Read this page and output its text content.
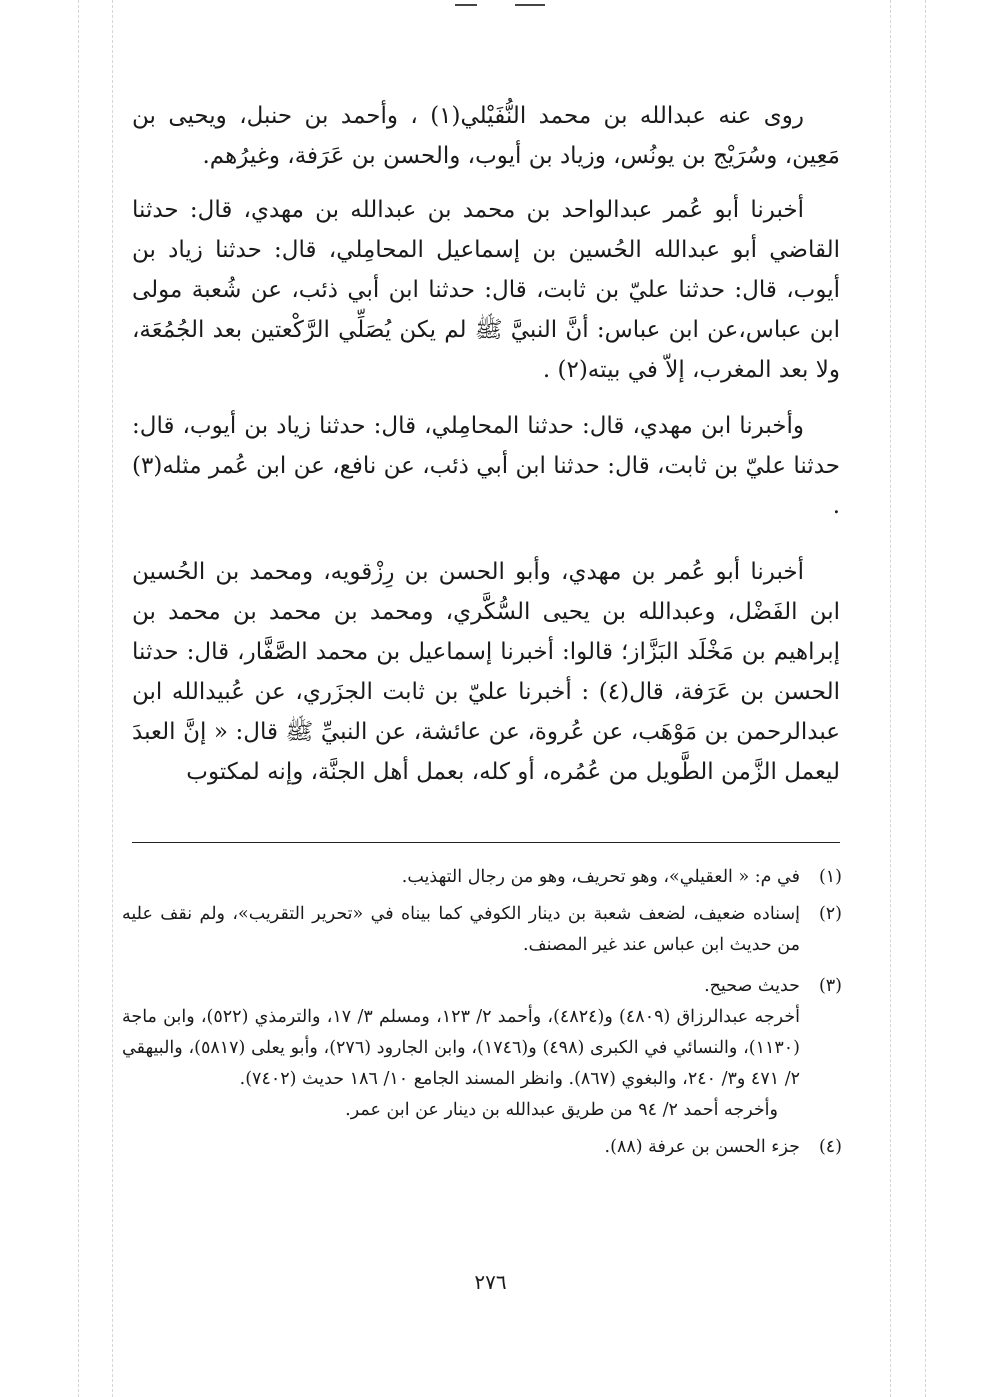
روى عنه عبدالله بن محمد النُّفَيْلي(١) ، وأحمد بن حنبل، ويحيى بن مَعِين، وسُرَيْج بن يونُس، وزياد بن أيوب، والحسن بن عَرَفة، وغيرُهم.

أخبرنا أبو عُمر عبدالواحد بن محمد بن عبدالله بن مهدي، قال: حدثنا القاضي أبو عبدالله الحُسين بن إسماعيل المحامِلي، قال: حدثنا زياد بن أيوب، قال: حدثنا عليّ بن ثابت، قال: حدثنا ابن أبي ذئب، عن شُعبة مولى ابن عباس،عن ابن عباس: أنَّ النبيَّ ﷺ لم يكن يُصَلِّي الرَّكْعتين بعد الجُمُعَة، ولا بعد المغرب، إلاّ في بيته(٢) .

وأخبرنا ابن مهدي، قال: حدثنا المحامِلي، قال: حدثنا زياد بن أيوب، قال: حدثنا عليّ بن ثابت، قال: حدثنا ابن أبي ذئب، عن نافع، عن ابن عُمر مثله(٣) .

أخبرنا أبو عُمر بن مهدي، وأبو الحسن بن رِزْقويه، ومحمد بن الحُسين ابن الفَضْل، وعبدالله بن يحيى السُّكَّري، ومحمد بن محمد بن محمد بن إبراهيم بن مَخْلَد البَزَّاز؛ قالوا: أخبرنا إسماعيل بن محمد الصَّفَّار، قال: حدثنا الحسن بن عَرَفة، قال(٤) : أخبرنا عليّ بن ثابت الجزَري، عن عُبيدالله ابن عبدالرحمن بن مَوْهَب، عن عُروة، عن عائشة، عن النبيِّ ﷺ قال: « إنَّ العبدَ ليعمل الزَّمن الطَّويل من عُمُره، أو كله، بعمل أهل الجنَّة، وإنه لمكتوب

(١)
في م: « العقيلي»، وهو تحريف، وهو من رجال التهذيب.
(٢)
إسناده ضعيف، لضعف شعبة بن دينار الكوفي كما بيناه في «تحرير التقريب»، ولم نقف عليه من حديث ابن عباس عند غير المصنف.
(٣)
حديث صحيح.
أخرجه عبدالرزاق (٤٨٠٩) و(٤٨٢٤)، وأحمد ٢/ ١٢٣، ومسلم ٣/ ١٧، والترمذي (٥٢٢)، وابن ماجة (١١٣٠)، والنسائي في الكبرى (٤٩٨) و(١٧٤٦)، وابن الجارود (٢٧٦)، وأبو يعلى (٥٨١٧)، والبيهقي ٢/ ٤٧١ و٣/ ٢٤٠، والبغوي (٨٦٧). وانظر المسند الجامع ١٠/ ١٨٦ حديث (٧٤٠٢).
وأخرجه أحمد ٢/ ٩٤ من طريق عبدالله بن دينار عن ابن عمر.
(٤)
جزء الحسن بن عرفة (٨٨).
٢٧٦
